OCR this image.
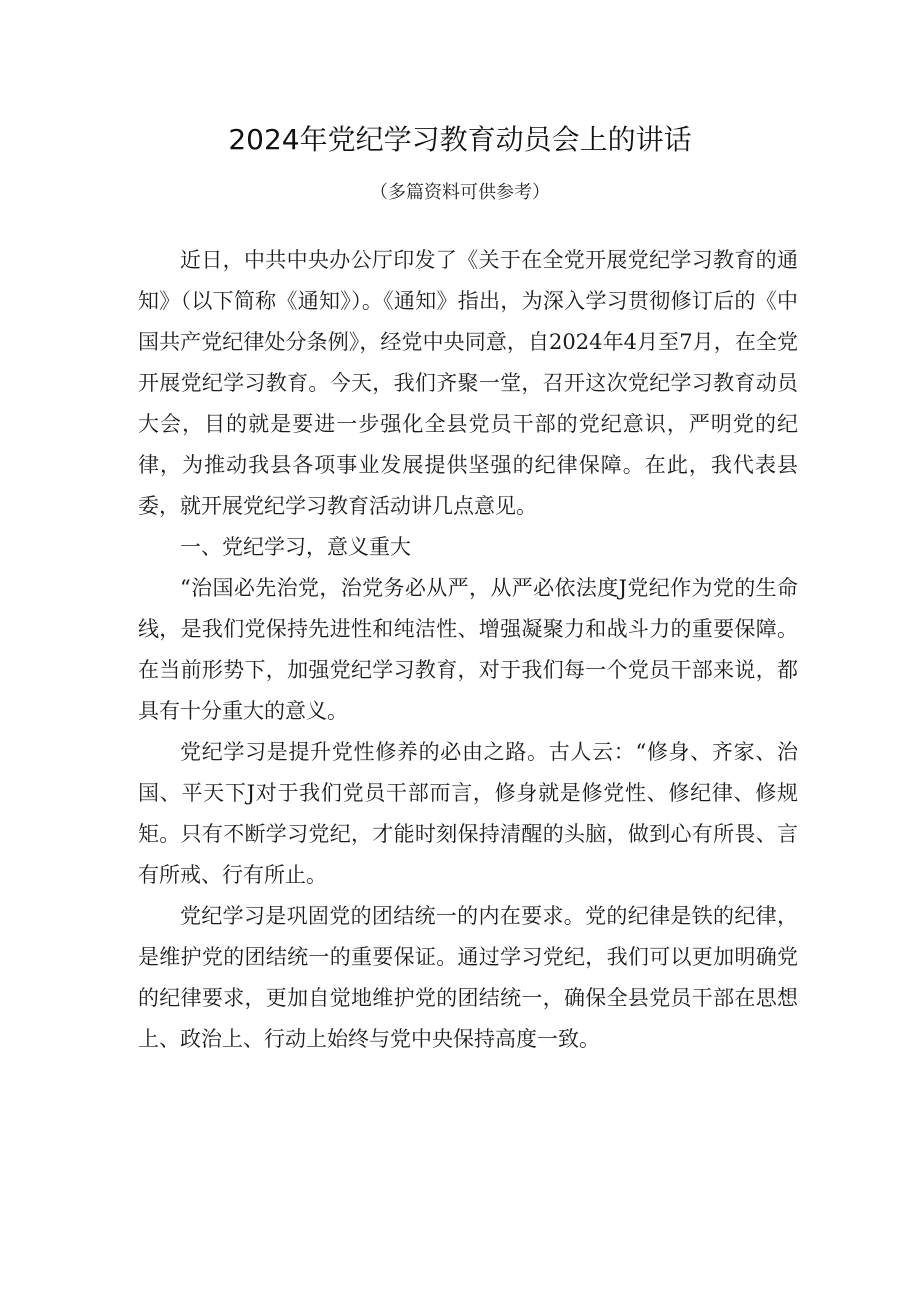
2024年党纪学习教育动员会上的讲话
（多篇资料可供参考）

近日，中共中央办公厅印发了《关于在全党开展党纪学习教育的通知》（以下简称《通知》）。《通知》指出，为深入学习贯彻修订后的《中国共产党纪律处分条例》，经党中央同意，自2024年4月至7月，在全党开展党纪学习教育。今天，我们齐聚一堂，召开这次党纪学习教育动员大会，目的就是要进一步强化全县党员干部的党纪意识，严明党的纪律，为推动我县各项事业发展提供坚强的纪律保障。在此，我代表县委，就开展党纪学习教育活动讲几点意见。

一、党纪学习，意义重大

“治国必先治党，治党务必从严，从严必依法度J党纪作为党的生命线，是我们党保持先进性和纯洁性、增强凝聚力和战斗力的重要保障。在当前形势下，加强党纪学习教育，对于我们每一个党员干部来说，都具有十分重大的意义。

党纪学习是提升党性修养的必由之路。古人云：“修身、齐家、治国、平天下J对于我们党员干部而言，修身就是修党性、修纪律、修规矩。只有不断学习党纪，才能时刻保持清醒的头脑，做到心有所畏、言有所戒、行有所止。

党纪学习是巩固党的团结统一的内在要求。党的纪律是铁的纪律，是维护党的团结统一的重要保证。通过学习党纪，我们可以更加明确党的纪律要求，更加自觉地维护党的团结统一，确保全县党员干部在思想上、政治上、行动上始终与党中央保持高度一致。
